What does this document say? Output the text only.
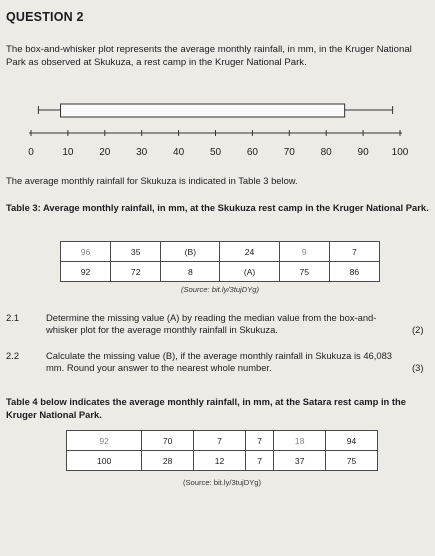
QUESTION 2
The box-and-whisker plot represents the average monthly rainfall, in mm, in the Kruger National Park as observed at Skukuza, a rest camp in the Kruger National Park.
0	10	20	30	40	50	60	70	80	90 100
The average monthly rainfall for Skukuza is indicated in Table 3 below.
Table 3: Average monthly rainfall, in mm, at the Skukuza rest camp in the Kruger National Park.
96	35	(B)	24	9	7
92	72	8	(A)	75	86
(Source: bit.ly/3tujDYg)
2.1	Determine the missing value (A) by reading the median value from the box-and-whisker plot for the average monthly rainfall in Skukuza.	(2)
2.2	Calculate the missing value (B), if the average monthly rainfall in Skukuza is 46,083 mm. Round your answer to the nearest whole number.	(3)
Table 4 below indicates the average monthly rainfall, in mm, at the Satara rest camp in the Kruger National Park.
92	70	7	7	18	94
100	28	12	7	37	75
(Source: bit.ly/3tujDYg)
